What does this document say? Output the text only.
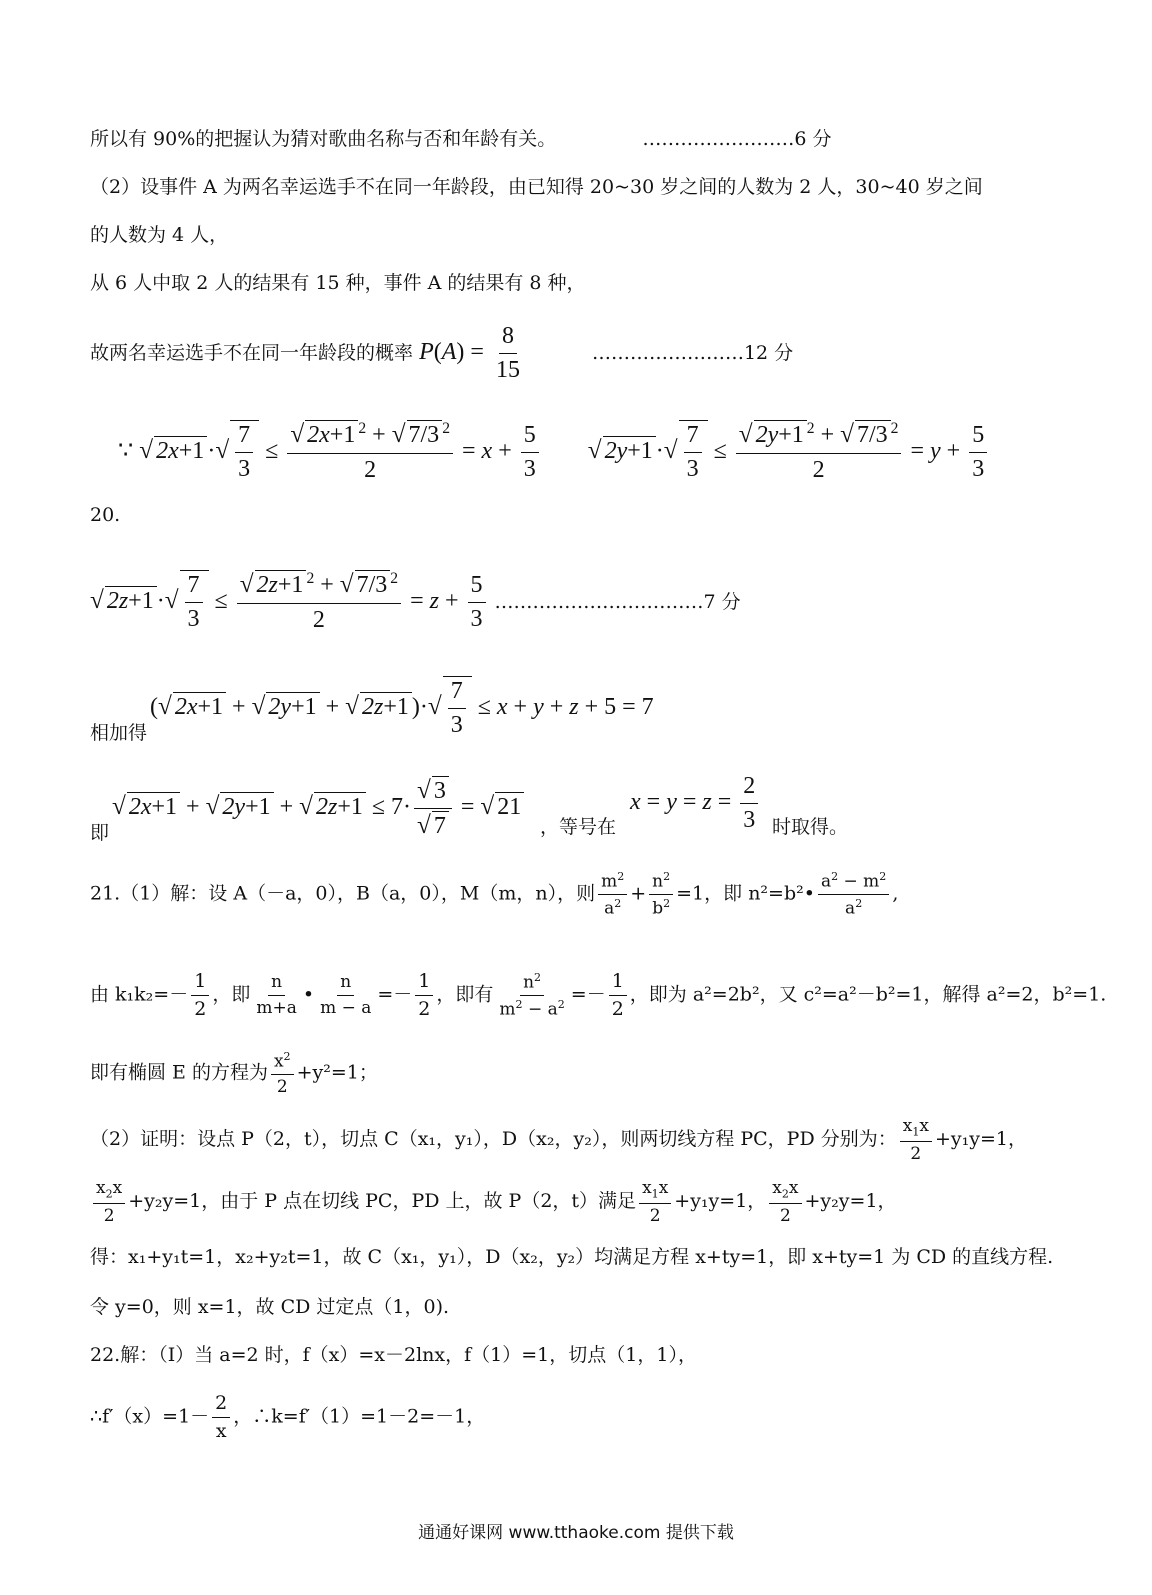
所以有 90%的把握认为猜对歌曲名称与否和年龄有关。	……………………6 分
（2）设事件 A 为两名幸运选手不在同一年龄段，由已知得 20~30 岁之间的人数为 2 人，30~40 岁之间
的人数为 4 人，
从 6 人中取 2 人的结果有 15 种，事件 A 的结果有 8 种，
故两名幸运选手不在同一年龄段的概率 $P(A) = \frac{8}{15}$	……………………12 分
∵ √ 2x+1 ·√ $\frac{7}{3} \le \frac{√ 2x+1 ^2 + √ 7/3 ^2}{2} = x + \frac{5}{3}$ √ 2y+1 ·√ $\frac{7}{3} \le \frac{√ 2y+1 ^2 + √ 7/3 ^2}{2} = y + \frac{5}{3}$
20.
√ 2z+1 ·√ $\frac{7}{3} \le \frac{√ 2z+1 ^2 + √ 7/3 ^2}{2} = z + \frac{5}{3}$ ……………………………7 分
(√ 2x+1 + √ 2y+1 + √ 2z+1 )·√ $\frac{7}{3} \le x + y + z + 5 = 7$
相加得
√ 2x+1 + √ 2y+1 + √ $2z+1 \le 7\cdot \frac{√ 3}{√ 7}$ = √ 21
即	，等号在
$x = y = z = \frac{2}{3}$ 时取得。
21.（1）解：设 A（－a，0），B（a，0），M（m，n），则 $\frac{m^2}{a^2} + \frac{n^2}{b^2} =1$，即 n²=b²• $\frac{a^2 - m^2}{a^2}$ ,
由 $k_1k_2=- \frac{1}{2}$ ，即 $\frac{n}{m+a}$ • $\frac{n}{m - a} =- \frac{1}{2}$ ，即有 $\frac{n^2}{m^2 - a^2} =- \frac{1}{2}$ ，即为 a²=2b²，又 c²=a²－b²=1，解得 a²=2，b²=1.
即有椭圆 E 的方程为 $\frac{x^2}{2} +y^2=1$；
（2）证明：设点 P（2，t），切点 C（x₁，y₁），D（x₂，y₂），则两切线方程 PC，PD 分别为： $\frac{x_1x}{2} +y_1y=1$，
$\frac{x_2x}{2} +y_2y=1$，由于 P 点在切线 PC，PD 上，故 P（2，t）满足 $\frac{x_1x}{2} +y_1y=1$， $\frac{x_2x}{2} +y_2y=1$，
得：x₁+y₁t=1，x₂+y₂t=1，故 C（x₁，y₁），D（x₂，y₂）均满足方程 x+ty=1，即 x+ty=1 为 CD 的直线方程.
令 y=0，则 x=1，故 CD 过定点（1，0).
22.解：（Ⅰ）当 a=2 时，f（x）=x－2lnx，f（1）=1，切点（1，1），
∴f′（x）=1－ $\frac{2}{x}$ ，∴k=f′（1）=1－2=－1，
通通好课网 www.tthaoke.com 提供下载
